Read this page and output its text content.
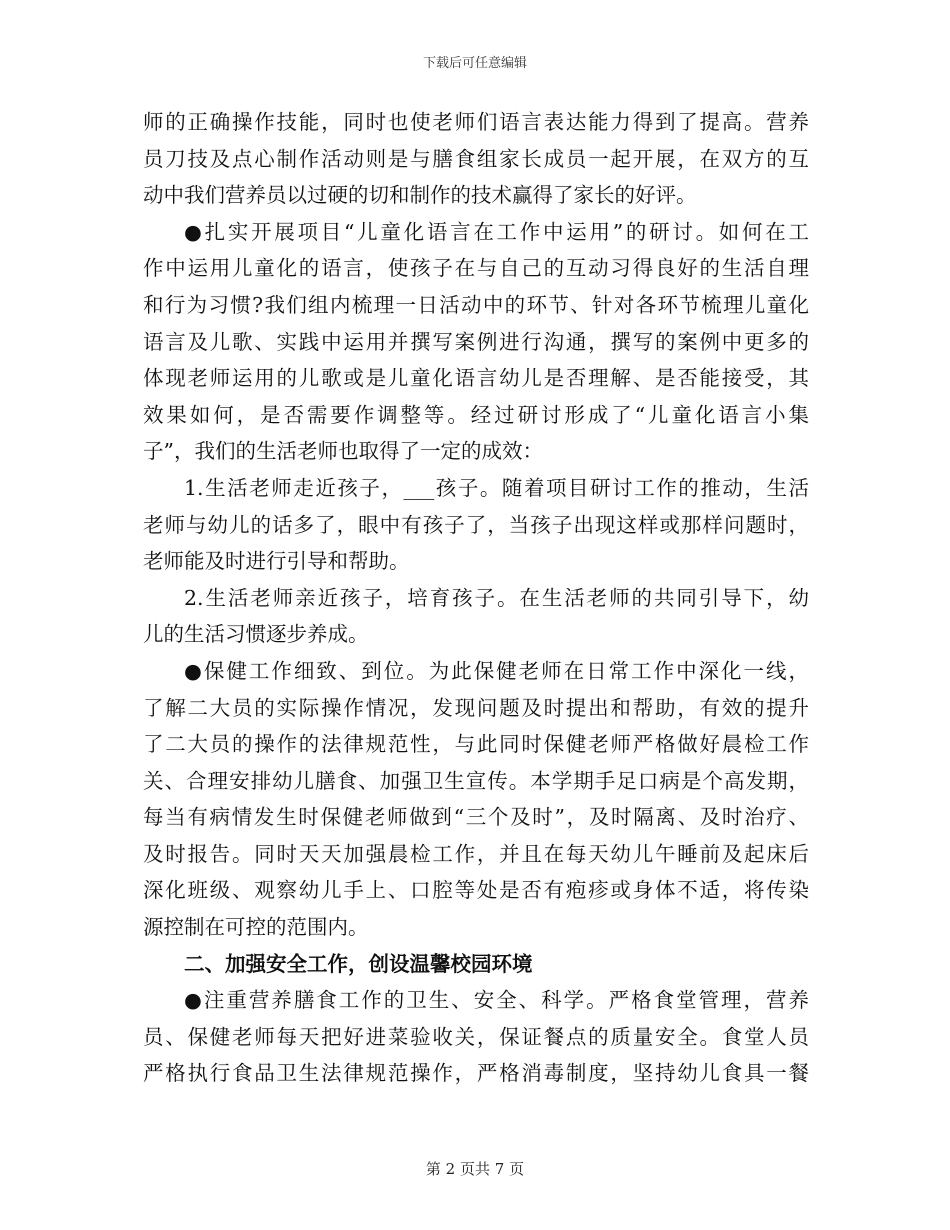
下载后可任意编辑
师的正确操作技能，同时也使老师们语言表达能力得到了提高。营养
员刀技及点心制作活动则是与膳食组家长成员一起开展，在双方的互
动中我们营养员以过硬的切和制作的技术赢得了家长的好评。
●扎实开展项目“儿童化语言在工作中运用”的研讨。如何在工
作中运用儿童化的语言，使孩子在与自己的互动习得良好的生活自理
和行为习惯?我们组内梳理一日活动中的环节、针对各环节梳理儿童化
语言及儿歌、实践中运用并撰写案例进行沟通，撰写的案例中更多的
体现老师运用的儿歌或是儿童化语言幼儿是否理解、是否能接受，其
效果如何，是否需要作调整等。经过研讨形成了“儿童化语言小集
子”，我们的生活老师也取得了一定的成效：
1.生活老师走近孩子，___孩子。随着项目研讨工作的推动，生活
老师与幼儿的话多了，眼中有孩子了，当孩子出现这样或那样问题时，
老师能及时进行引导和帮助。
2.生活老师亲近孩子，培育孩子。在生活老师的共同引导下，幼
儿的生活习惯逐步养成。
●保健工作细致、到位。为此保健老师在日常工作中深化一线，
了解二大员的实际操作情况，发现问题及时提出和帮助，有效的提升
了二大员的操作的法律规范性，与此同时保健老师严格做好晨检工作
关、合理安排幼儿膳食、加强卫生宣传。本学期手足口病是个高发期，
每当有病情发生时保健老师做到“三个及时”，及时隔离、及时治疗、
及时报告。同时天天加强晨检工作，并且在每天幼儿午睡前及起床后
深化班级、观察幼儿手上、口腔等处是否有疱疹或身体不适，将传染
源控制在可控的范围内。
二、加强安全工作，创设温馨校园环境
●注重营养膳食工作的卫生、安全、科学。严格食堂管理，营养
员、保健老师每天把好进菜验收关，保证餐点的质量安全。食堂人员
严格执行食品卫生法律规范操作，严格消毒制度，坚持幼儿食具一餐
第 2 页共 7 页
